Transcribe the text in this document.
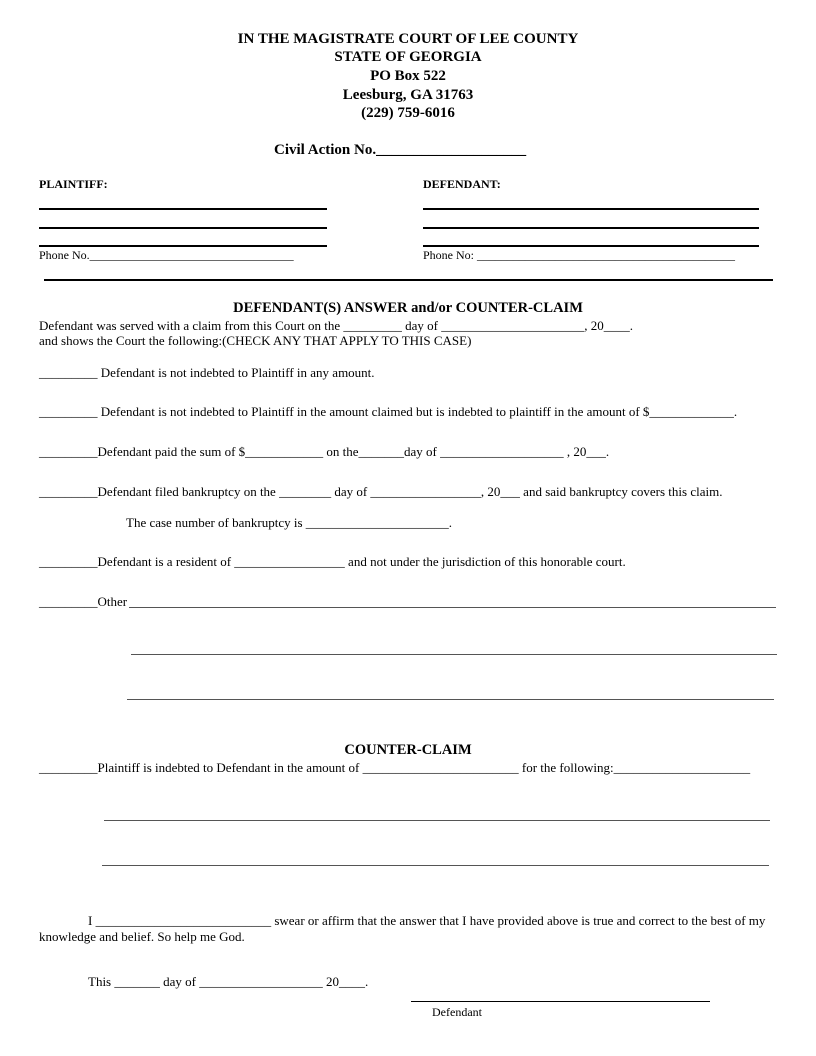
IN THE MAGISTRATE COURT OF LEE COUNTY
STATE OF GEORGIA
PO Box 522
Leesburg, GA 31763
(229) 759-6016
Civil Action No.____________________
PLAINTIFF:	DEFENDANT:
Phone No.__________________________________	Phone No: ___________________________________________
DEFENDANT(S) ANSWER and/or COUNTER-CLAIM
Defendant was served with a claim from this Court on the _________ day of ______________________, 20____.
and shows the Court the following:(CHECK ANY THAT APPLY TO THIS CASE)
_________ Defendant is not indebted to Plaintiff in any amount.
_________ Defendant is not indebted to Plaintiff in the amount claimed but is indebted to plaintiff in the amount of $_____________.
_________Defendant paid the sum of $____________ on the_______day of ___________________ , 20___.
_________Defendant filed bankruptcy on the ________ day of _________________, 20___ and said bankruptcy covers this claim.
The case number of bankruptcy is ______________________.
_________Defendant is a resident of _________________ and not under the jurisdiction of this honorable court.
_________Other
COUNTER-CLAIM
_________Plaintiff is indebted to Defendant in the amount of ________________________ for the following:_____________________
I ___________________________ swear or affirm that the answer that I have provided above is true and correct to the best of my
knowledge and belief. So help me God.
This _______ day of ___________________ 20____.
Defendant
